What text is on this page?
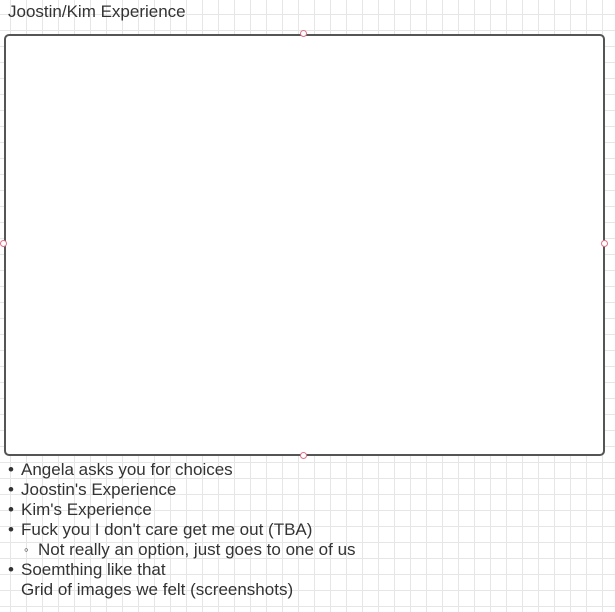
Joostin/Kim Experience
• Angela asks you for choices
• Joostin's Experience
• Kim's Experience
• Fuck you I don't care get me out (TBA)
◦ Not really an option, just goes to one of us
• Soemthing like that
Grid of images we felt (screenshots)
